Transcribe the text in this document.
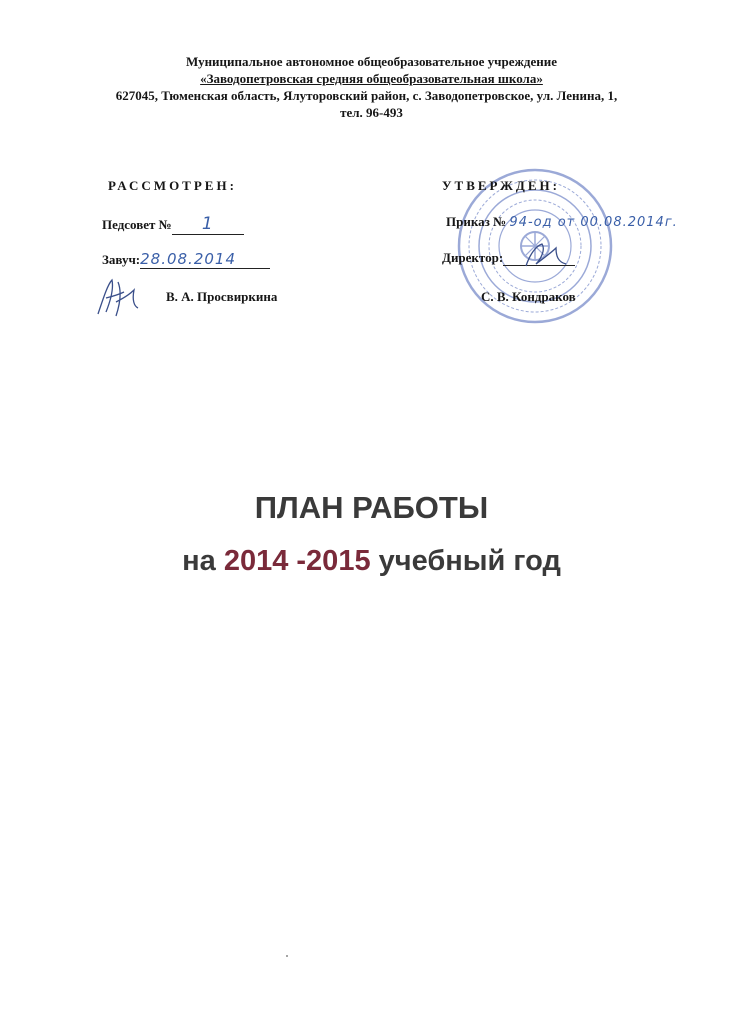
Муниципальное автономное общеобразовательное учреждение
«Заводопетровская средняя общеобразовательная школа»
627045, Тюменская область, Ялуторовский район, с. Заводопетровское, ул. Ленина, 1,
тел. 96-493
РАССМОТРЕН:
Педсовет № 1
Завуч:28.08.2014
В. А. Просвиркина
УТВЕРЖДЕН:
Приказ № 94-од от 00.08.2014г.
Директор:
С. В. Кондраков
ПЛАН РАБОТЫ
на 2014 -2015 учебный год
